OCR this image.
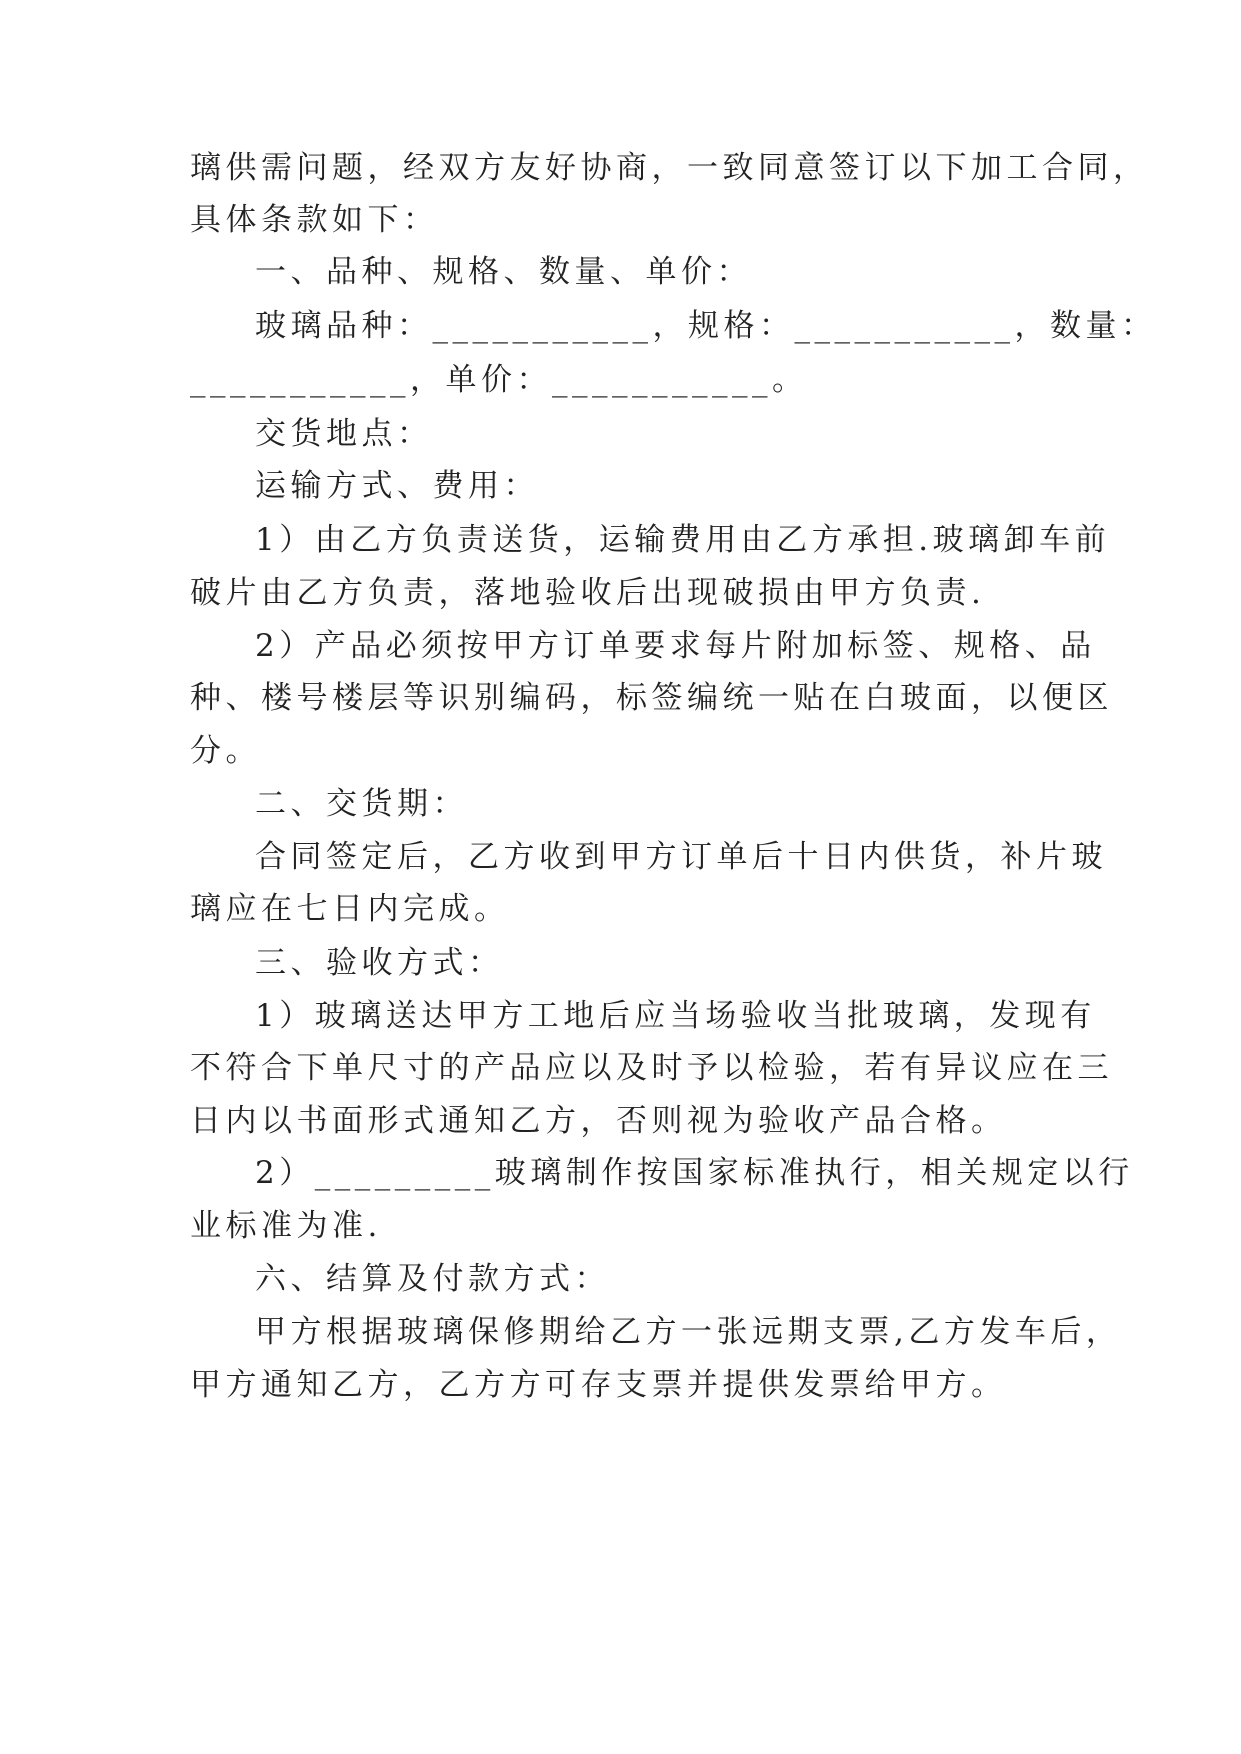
璃供需问题，经双方友好协商，一致同意签订以下加工合同，
具体条款如下：
一、品种、规格、数量、单价：
玻璃品种：___________，规格：___________，数量：
___________，单价：___________。
交货地点：
运输方式、费用：
1）由乙方负责送货，运输费用由乙方承担.玻璃卸车前
破片由乙方负责，落地验收后出现破损由甲方负责.
2）产品必须按甲方订单要求每片附加标签、规格、品
种、楼号楼层等识别编码，标签编统一贴在白玻面，以便区
分。
二、交货期：
合同签定后，乙方收到甲方订单后十日内供货，补片玻
璃应在七日内完成。
三、验收方式：
1）玻璃送达甲方工地后应当场验收当批玻璃，发现有
不符合下单尺寸的产品应以及时予以检验，若有异议应在三
日内以书面形式通知乙方，否则视为验收产品合格。
2）_________玻璃制作按国家标准执行，相关规定以行
业标准为准.
六、结算及付款方式：
甲方根据玻璃保修期给乙方一张远期支票,乙方发车后，
甲方通知乙方，乙方方可存支票并提供发票给甲方。
